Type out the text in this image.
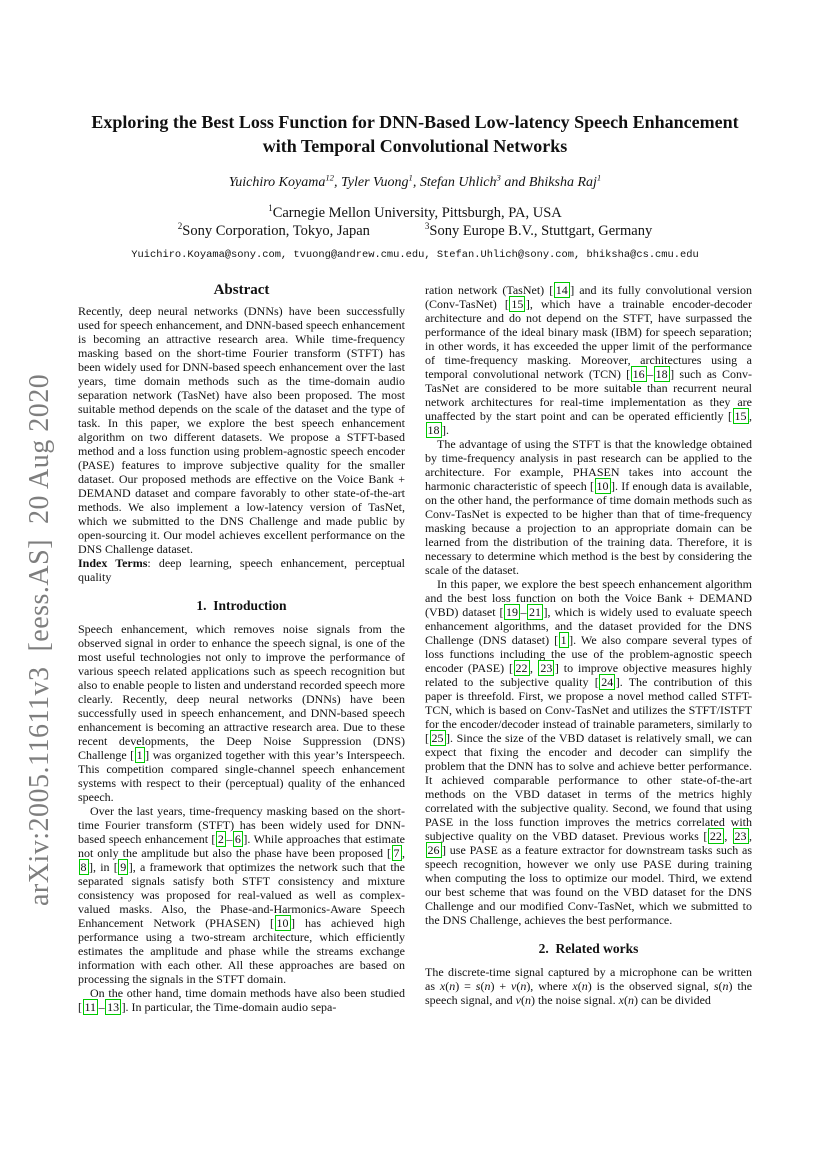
arXiv:2005.11611v3  [eess.AS]  20 Aug 2020
Exploring the Best Loss Function for DNN-Based Low-latency Speech Enhancement with Temporal Convolutional Networks
Yuichiro Koyama$^{12}$, Tyler Vuong$^1$, Stefan Uhlich$^3$ and Bhiksha Raj$^1$
$^1$Carnegie Mellon University, Pittsburgh, PA, USA
$^2$Sony Corporation, Tokyo, Japan	$^3$Sony Europe B.V., Stuttgart, Germany
Yuichiro.Koyama@sony.com, tvuong@andrew.cmu.edu, Stefan.Uhlich@sony.com, bhiksha@cs.cmu.edu
Abstract

Recently, deep neural networks (DNNs) have been successfully used for speech enhancement, and DNN-based speech enhancement is becoming an attractive research area. While time-frequency masking based on the short-time Fourier transform (STFT) has been widely used for DNN-based speech enhancement over the last years, time domain methods such as the time-domain audio separation network (TasNet) have also been proposed. The most suitable method depends on the scale of the dataset and the type of task. In this paper, we explore the best speech enhancement algorithm on two different datasets. We propose a STFT-based method and a loss function using problem-agnostic speech encoder (PASE) features to improve subjective quality for the smaller dataset. Our proposed methods are effective on the Voice Bank + DEMAND dataset and compare favorably to other state-of-the-art methods. We also implement a low-latency version of TasNet, which we submitted to the DNS Challenge and made public by open-sourcing it. Our model achieves excellent performance on the DNS Challenge dataset.

Index Terms: deep learning, speech enhancement, perceptual quality

1.  Introduction

Speech enhancement, which removes noise signals from the observed signal in order to enhance the speech signal, is one of the most useful technologies not only to improve the performance of various speech related applications such as speech recognition but also to enable people to listen and understand recorded speech more clearly. Recently, deep neural networks (DNNs) have been successfully used in speech enhancement, and DNN-based speech enhancement is becoming an attractive research area. Due to these recent developments, the Deep Noise Suppression (DNS) Challenge [ 1 ] was organized together with this year’s Interspeech. This competition compared single-channel speech enhancement systems with respect to their (perceptual) quality of the enhanced speech.

Over the last years, time-frequency masking based on the short-time Fourier transform (STFT) has been widely used for DNN-based speech enhancement [ 2 – 6 ]. While approaches that estimate not only the amplitude but also the phase have been proposed [ 7 , 8 ], in [ 9 ], a framework that optimizes the network such that the separated signals satisfy both STFT consistency and mixture consistency was proposed for real-valued as well as complex-valued masks. Also, the Phase-and-Harmonics-Aware Speech Enhancement Network (PHASEN) [ 10 ] has achieved high performance using a two-stream architecture, which efficiently estimates the amplitude and phase while the streams exchange information with each other. All these approaches are based on processing the signals in the STFT domain.

On the other hand, time domain methods have also been studied [ 11 – 13 ]. In particular, the Time-domain audio sepa-

ration network (TasNet) [ 14 ] and its fully convolutional version (Conv-TasNet) [ 15 ], which have a trainable encoder-decoder architecture and do not depend on the STFT, have surpassed the performance of the ideal binary mask (IBM) for speech separation; in other words, it has exceeded the upper limit of the performance of time-frequency masking. Moreover, architectures using a temporal convolutional network (TCN) [ 16 – 18 ] such as Conv-TasNet are considered to be more suitable than recurrent neural network architectures for real-time implementation as they are unaffected by the start point and can be operated efficiently [ 15 , 18 ].

The advantage of using the STFT is that the knowledge obtained by time-frequency analysis in past research can be applied to the architecture. For example, PHASEN takes into account the harmonic characteristic of speech [ 10 ]. If enough data is available, on the other hand, the performance of time domain methods such as Conv-TasNet is expected to be higher than that of time-frequency masking because a projection to an appropriate domain can be learned from the distribution of the training data. Therefore, it is necessary to determine which method is the best by considering the scale of the dataset.

In this paper, we explore the best speech enhancement algorithm and the best loss function on both the Voice Bank + DEMAND (VBD) dataset [ 19 – 21 ], which is widely used to evaluate speech enhancement algorithms, and the dataset provided for the DNS Challenge (DNS dataset) [ 1 ]. We also compare several types of loss functions including the use of the problem-agnostic speech encoder (PASE) [ 22 , 23 ] to improve objective measures highly related to the subjective quality [ 24 ]. The contribution of this paper is threefold. First, we propose a novel method called STFT-TCN, which is based on Conv-TasNet and utilizes the STFT/ISTFT for the encoder/decoder instead of trainable parameters, similarly to [ 25 ]. Since the size of the VBD dataset is relatively small, we can expect that fixing the encoder and decoder can simplify the problem that the DNN has to solve and achieve better performance. It achieved comparable performance to other state-of-the-art methods on the VBD dataset in terms of the metrics highly correlated with the subjective quality. Second, we found that using PASE in the loss function improves the metrics correlated with subjective quality on the VBD dataset. Previous works [ 22 , 23 , 26 ] use PASE as a feature extractor for downstream tasks such as speech recognition, however we only use PASE during training when computing the loss to optimize our model. Third, we extend our best scheme that was found on the VBD dataset for the DNS Challenge and our modified Conv-TasNet, which we submitted to the DNS Challenge, achieves the best performance.

2.  Related works

The discrete-time signal captured by a microphone can be written as x(n) = s(n) + v(n), where x(n) is the observed signal, s(n) the speech signal, and v(n) the noise signal. x(n) can be divided
